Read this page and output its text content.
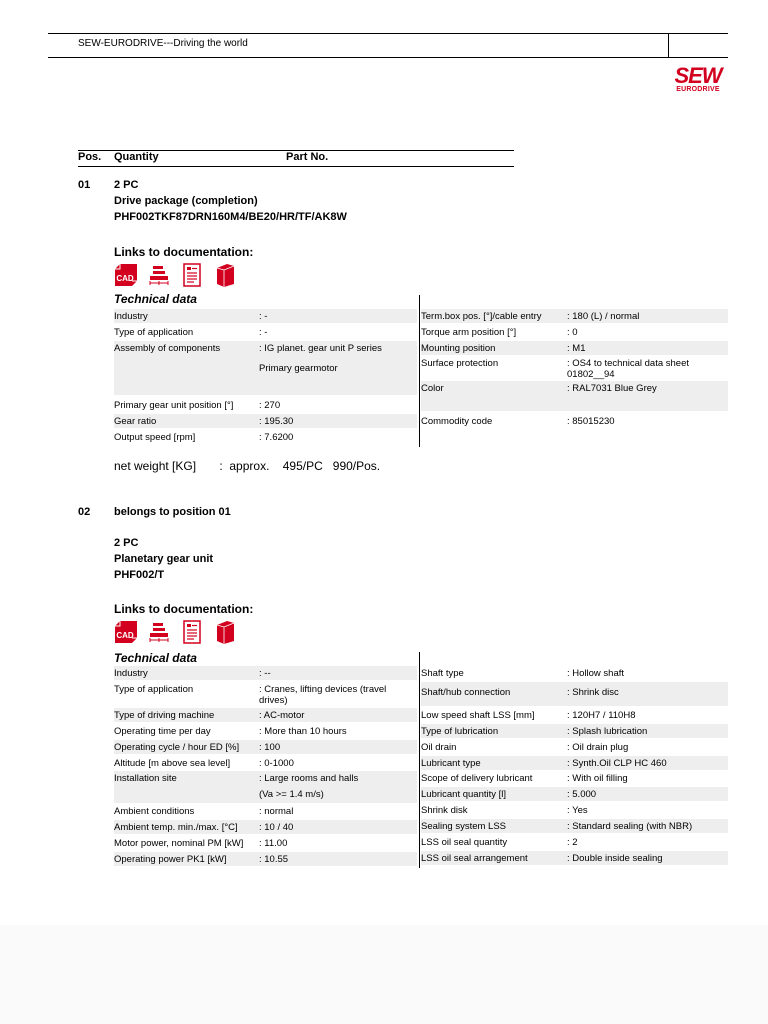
SEW-EURODRIVE---Driving the world
SEW
EURODRIVE
Pos. Quantity	Part No.
01 2 PC
Drive package (completion)
PHF002TKF87DRN160M4/BE20/HR/TF/AK8W
Links to documentation:
CAD
Technical data
Industry	: -
Type of application	: -
Assembly of components	: IG planet. gear unit P series
Primary gearmotor
Primary gear unit position [°]	: 270
Gear ratio	: 195.30
Output speed [rpm]	: 7.6200
Term.box pos. [°]/cable entry	: 180 (L) / normal
Torque arm position [°]	: 0
Mounting position	: M1
Surface protection	: OS4 to technical data sheet 01802__94
Color	: RAL7031 Blue Grey
Commodity code	: 85015230
net weight [KG]       :  approx.    495/PC   990/Pos.
02 belongs to position 01
2 PC
Planetary gear unit
PHF002/T
Links to documentation:
CAD
Technical data
Industry	: --
Type of application	: Cranes, lifting devices (travel drives)
Type of driving machine	: AC-motor
Operating time per day	: More than 10 hours
Operating cycle / hour ED [%] : 100
Altitude [m above sea level]	: 0-1000
Installation site	: Large rooms and halls
(Va >= 1.4 m/s)
Ambient conditions	: normal
Ambient temp. min./max. [°C] : 10 / 40
Motor power, nominal PM [kW] : 11.00
Operating power PK1 [kW]	: 10.55
Shaft type	: Hollow shaft
Shaft/hub connection	: Shrink disc
Low speed shaft LSS [mm]	: 120H7 / 110H8
Type of lubrication	: Splash lubrication
Oil drain	: Oil drain plug
Lubricant type	: Synth.Oil CLP HC 460
Scope of delivery lubricant	: With oil filling
Lubricant quantity [l]	: 5.000
Shrink disk	: Yes
Sealing system LSS	: Standard sealing (with NBR)
LSS oil seal quantity	: 2
LSS oil seal arrangement	: Double inside sealing
